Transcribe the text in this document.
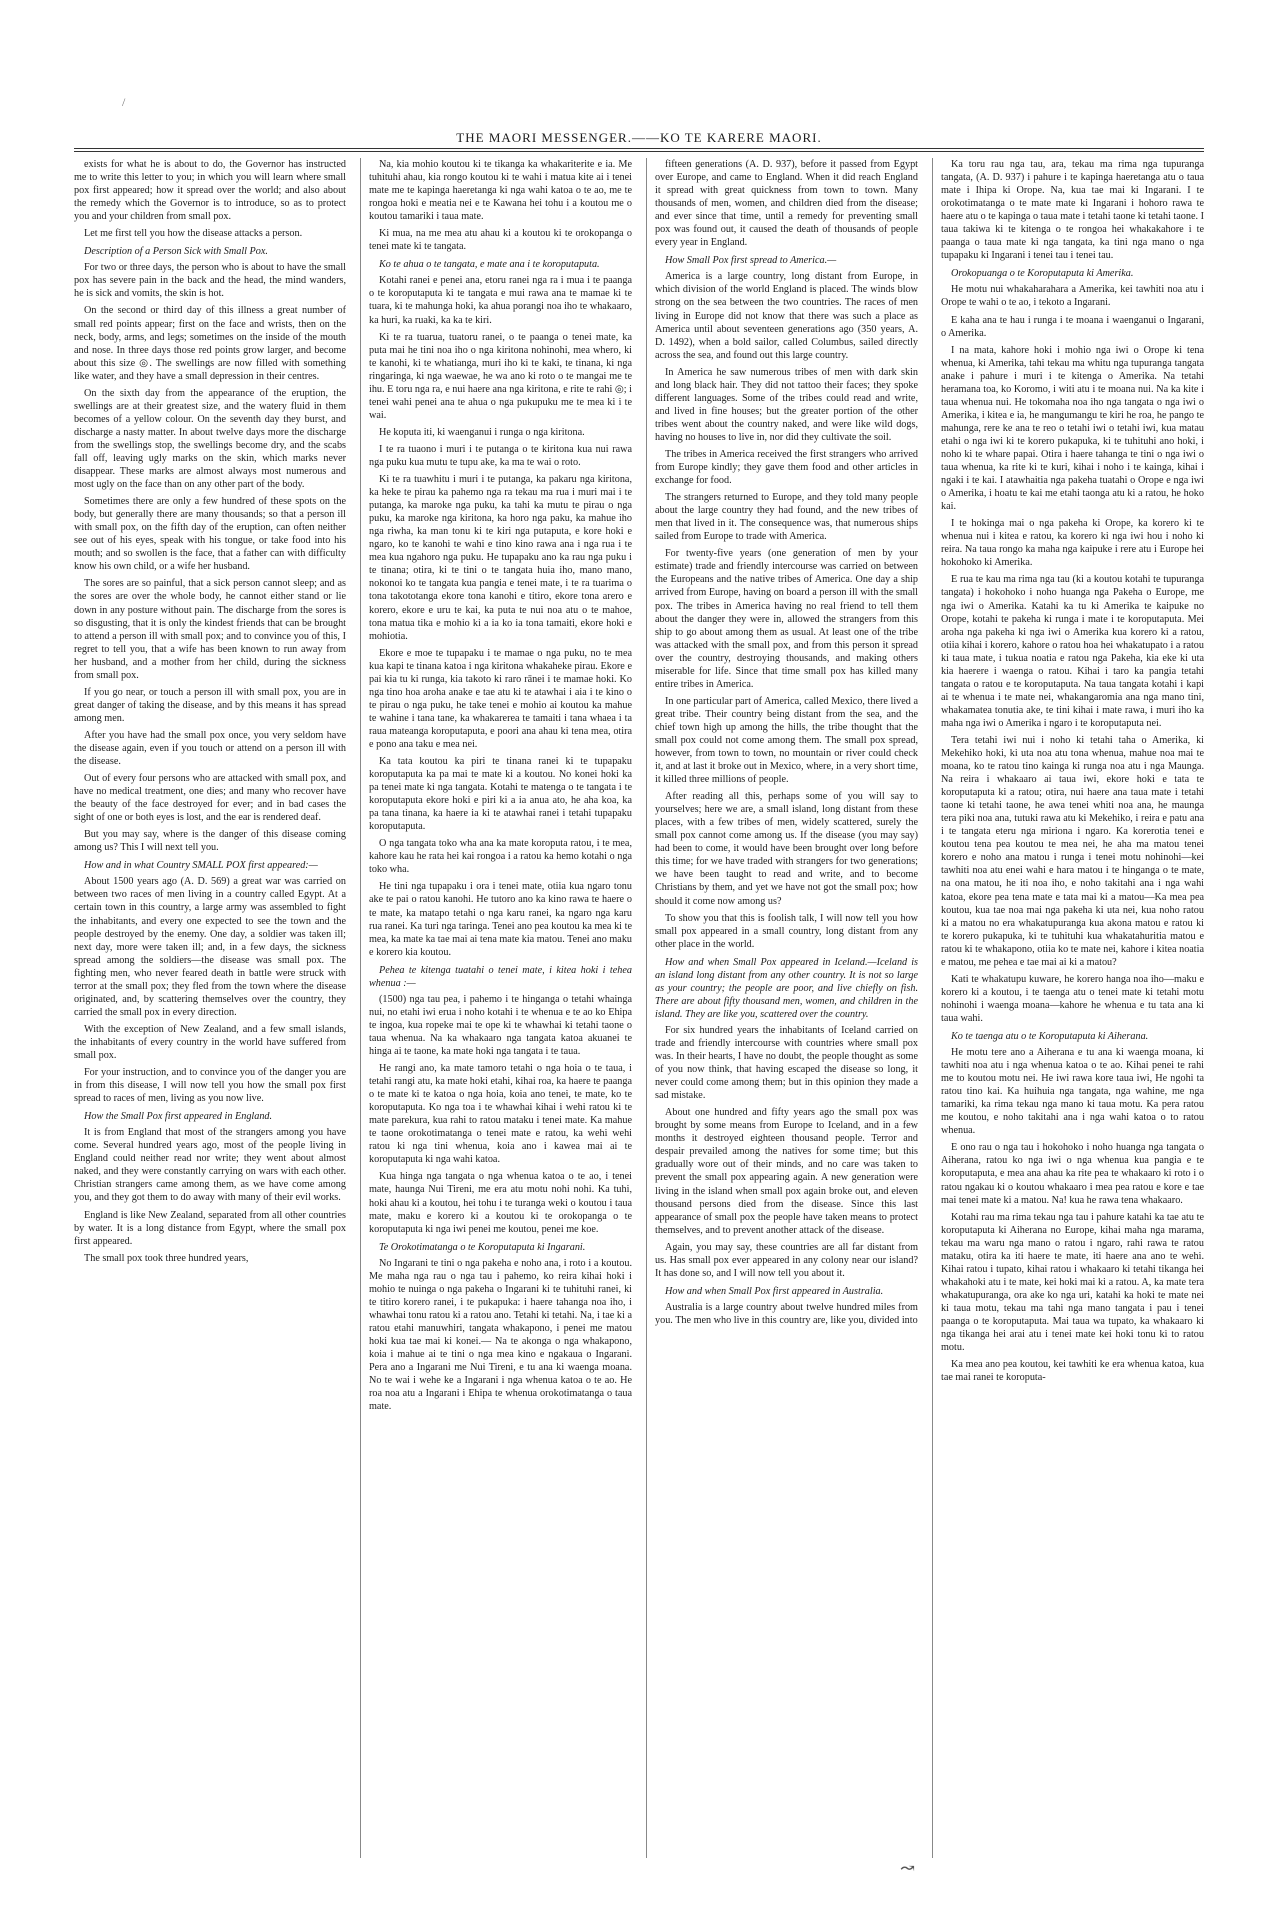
/
THE MAORI MESSENGER.——KO TE KARERE MAORI.

exists for what he is about to do, the Governor has instructed me to write this letter to you; in which you will learn where small pox first appeared; how it spread over the world; and also about the remedy which the Governor is to introduce, so as to protect you and your children from small pox.

Let me first tell you how the disease attacks a person.

Description of a Person Sick with Small Pox.

For two or three days, the person who is about to have the small pox has severe pain in the back and the head, the mind wanders, he is sick and vomits, the skin is hot.

On the second or third day of this illness a great number of small red points appear; first on the face and wrists, then on the neck, body, arms, and legs; sometimes on the inside of the mouth and nose. In three days those red points grow larger, and become about this size ◎. The swellings are now filled with something like water, and they have a small depression in their centres.

On the sixth day from the appearance of the eruption, the swellings are at their greatest size, and the watery fluid in them becomes of a yellow colour. On the seventh day they burst, and discharge a nasty matter. In about twelve days more the discharge from the swellings stop, the swellings become dry, and the scabs fall off, leaving ugly marks on the skin, which marks never disappear. These marks are almost always most numerous and most ugly on the face than on any other part of the body.

Sometimes there are only a few hundred of these spots on the body, but generally there are many thousands; so that a person ill with small pox, on the fifth day of the eruption, can often neither see out of his eyes, speak with his tongue, or take food into his mouth; and so swollen is the face, that a father can with difficulty know his own child, or a wife her husband.

The sores are so painful, that a sick person cannot sleep; and as the sores are over the whole body, he cannot either stand or lie down in any posture without pain. The discharge from the sores is so disgusting, that it is only the kindest friends that can be brought to attend a person ill with small pox; and to convince you of this, I regret to tell you, that a wife has been known to run away from her husband, and a mother from her child, during the sickness from small pox.

If you go near, or touch a person ill with small pox, you are in great danger of taking the disease, and by this means it has spread among men.

After you have had the small pox once, you very seldom have the disease again, even if you touch or attend on a person ill with the disease.

Out of every four persons who are attacked with small pox, and have no medical treatment, one dies; and many who recover have the beauty of the face destroyed for ever; and in bad cases the sight of one or both eyes is lost, and the ear is rendered deaf.

But you may say, where is the danger of this disease coming among us? This I will next tell you.

How and in what Country SMALL POX first appeared:—

About 1500 years ago (A. D. 569) a great war was carried on between two races of men living in a country called Egypt. At a certain town in this country, a large army was assembled to fight the inhabitants, and every one expected to see the town and the people destroyed by the enemy. One day, a soldier was taken ill; next day, more were taken ill; and, in a few days, the sickness spread among the soldiers—the disease was small pox. The fighting men, who never feared death in battle were struck with terror at the small pox; they fled from the town where the disease originated, and, by scattering themselves over the country, they carried the small pox in every direction.

With the exception of New Zealand, and a few small islands, the inhabitants of every country in the world have suffered from small pox.

For your instruction, and to convince you of the danger you are in from this disease, I will now tell you how the small pox first spread to races of men, living as you now live.

How the Small Pox first appeared in England.

It is from England that most of the strangers among you have come. Several hundred years ago, most of the people living in England could neither read nor write; they went about almost naked, and they were constantly carrying on wars with each other. Christian strangers came among them, as we have come among you, and they got them to do away with many of their evil works.

England is like New Zealand, separated from all other countries by water. It is a long distance from Egypt, where the small pox first appeared.

The small pox took three hundred years,

Na, kia mohio koutou ki te tikanga ka whakariterite e ia. Me tuhituhi ahau, kia rongo koutou ki te wahi i matua kite ai i tenei mate me te kapinga haeretanga ki nga wahi katoa o te ao, me te rongoa hoki e meatia nei e te Kawana hei tohu i a koutou me o koutou tamariki i taua mate.

Ki mua, na me mea atu ahau ki a koutou ki te orokopanga o tenei mate ki te tangata.

Ko te ahua o te tangata, e mate ana i te koroputaputa.

Kotahi ranei e penei ana, etoru ranei nga ra i mua i te paanga o te koroputaputa ki te tangata e mui rawa ana te mamae ki te tuara, ki te mahunga hoki, ka ahua porangi noa iho te whakaaro, ka huri, ka ruaki, ka ka te kiri.

Ki te ra tuarua, tuatoru ranei, o te paanga o tenei mate, ka puta mai he tini noa iho o nga kiritona nohinohi, mea whero, ki te kanohi, ki te whatianga, muri iho ki te kaki, te tinana, ki nga ringaringa, ki nga waewae, he wa ano ki roto o te mangai me te ihu. E toru nga ra, e nui haere ana nga kiritona, e rite te rahi ◎; i tenei wahi penei ana te ahua o nga pukupuku me te mea ki i te wai.

He koputa iti, ki waenganui i runga o nga kiritona.

I te ra tuaono i muri i te putanga o te kiritona kua nui rawa nga puku kua mutu te tupu ake, ka ma te wai o roto.

Ki te ra tuawhitu i muri i te putanga, ka pakaru nga kiritona, ka heke te pirau ka pahemo nga ra tekau ma rua i muri mai i te putanga, ka maroke nga puku, ka tahi ka mutu te pirau o nga puku, ka maroke nga kiritona, ka horo nga paku, ka mahue iho nga riwha, ka man tonu ki te kiri nga putaputa, e kore hoki e ngaro, ko te kanohi te wahi e tino kino rawa ana i nga rua i te mea kua ngahoro nga puku. He tupapaku ano ka rau nga puku i te tinana; otira, ki te tini o te tangata huia iho, mano mano, nokonoi ko te tangata kua pangia e tenei mate, i te ra tuarima o tona takototanga ekore tona kanohi e titiro, ekore tona arero e korero, ekore e uru te kai, ka puta te nui noa atu o te mahoe, tona matua tika e mohio ki a ia ko ia tona tamaiti, ekore hoki e mohiotia.

Ekore e moe te tupapaku i te mamae o nga puku, no te mea kua kapi te tinana katoa i nga kiritona whakaheke pirau. Ekore e pai kia tu ki runga, kia takoto ki raro rānei i te mamae hoki. Ko nga tino hoa aroha anake e tae atu ki te atawhai i aia i te kino o te pirau o nga puku, he take tenei e mohio ai koutou ka mahue te wahine i tana tane, ka whakarerea te tamaiti i tana whaea i ta raua mateanga koroputaputa, e poori ana ahau ki tena mea, otira e pono ana taku e mea nei.

Ka tata koutou ka piri te tinana ranei ki te tupapaku koroputaputa ka pa mai te mate ki a koutou. No konei hoki ka pa tenei mate ki nga tangata. Kotahi te matenga o te tangata i te koroputaputa ekore hoki e piri ki a ia anua ato, he aha koa, ka pa tana tinana, ka haere ia ki te atawhai ranei i tetahi tupapaku koroputaputa.

O nga tangata toko wha ana ka mate koroputa ratou, i te mea, kahore kau he rata hei kai rongoa i a ratou ka hemo kotahi o nga toko wha.

He tini nga tupapaku i ora i tenei mate, otiia kua ngaro tonu ake te pai o ratou kanohi. He tutoro ano ka kino rawa te haere o te mate, ka matapo tetahi o nga karu ranei, ka ngaro nga karu rua ranei. Ka turi nga taringa. Tenei ano pea koutou ka mea ki te mea, ka mate ka tae mai ai tena mate kia matou. Tenei ano maku e korero kia koutou.

Pehea te kitenga tuatahi o tenei mate, i kitea hoki i tehea whenua :—

(1500) nga tau pea, i pahemo i te hinganga o tetahi whainga nui, no etahi iwi erua i noho kotahi i te whenua e te ao ko Ehipa te ingoa, kua ropeke mai te ope ki te whawhai ki tetahi taone o taua whenua. Na ka whakaaro nga tangata katoa akuanei te hinga ai te taone, ka mate hoki nga tangata i te taua.

He rangi ano, ka mate tamoro tetahi o nga hoia o te taua, i tetahi rangi atu, ka mate hoki etahi, kihai roa, ka haere te paanga o te mate ki te katoa o nga hoia, koia ano tenei, te mate, ko te koroputaputa. Ko nga toa i te whawhai kihai i wehi ratou ki te mate parekura, kua rahi to ratou mataku i tenei mate. Ka mahue te taone orokotimatanga o tenei mate e ratou, ka wehi wehi ratou ki nga tini whenua, koia ano i kawea mai ai te koroputaputa ki nga wahi katoa.

Kua hinga nga tangata o nga whenua katoa o te ao, i tenei mate, haunga Nui Tireni, me era atu motu nohi nohi. Ka tuhi, hoki ahau ki a koutou, hei tohu i te turanga weki o koutou i taua mate, maku e korero ki a koutou ki te orokopanga o te koroputaputa ki nga iwi penei me koutou, penei me koe.

Te Orokotimatanga o te Koroputaputa ki Ingarani.

No Ingarani te tini o nga pakeha e noho ana, i roto i a koutou. Me maha nga rau o nga tau i pahemo, ko reira kihai hoki i mohio te nuinga o nga pakeha o Ingarani ki te tuhituhi ranei, ki te titiro korero ranei, i te pukapuka: i haere tahanga noa iho, i whawhai tonu ratou ki a ratou ano. Tetahi ki tetahi. Na, i tae ki a ratou etahi manuwhiri, tangata whakapono, i penei me matou hoki kua tae mai ki konei.— Na te akonga o nga whakapono, koia i mahue ai te tini o nga mea kino e ngakaua o Ingarani. Pera ano a Ingarani me Nui Tireni, e tu ana ki waenga moana. No te wai i wehe ke a Ingarani i nga whenua katoa o te ao. He roa noa atu a Ingarani i Ehipa te whenua orokotimatanga o taua mate.

fifteen generations (A. D. 937), before it passed from Egypt over Europe, and came to England. When it did reach England it spread with great quickness from town to town. Many thousands of men, women, and children died from the disease; and ever since that time, until a remedy for preventing small pox was found out, it caused the death of thousands of people every year in England.

How Small Pox first spread to America.—

America is a large country, long distant from Europe, in which division of the world England is placed. The winds blow strong on the sea between the two countries. The races of men living in Europe did not know that there was such a place as America until about seventeen generations ago (350 years, A. D. 1492), when a bold sailor, called Columbus, sailed directly across the sea, and found out this large country.

In America he saw numerous tribes of men with dark skin and long black hair. They did not tattoo their faces; they spoke different languages. Some of the tribes could read and write, and lived in fine houses; but the greater portion of the other tribes went about the country naked, and were like wild dogs, having no houses to live in, nor did they cultivate the soil.

The tribes in America received the first strangers who arrived from Europe kindly; they gave them food and other articles in exchange for food.

The strangers returned to Europe, and they told many people about the large country they had found, and the new tribes of men that lived in it. The consequence was, that numerous ships sailed from Europe to trade with America.

For twenty-five years (one generation of men by your estimate) trade and friendly intercourse was carried on between the Europeans and the native tribes of America. One day a ship arrived from Europe, having on board a person ill with the small pox. The tribes in America having no real friend to tell them about the danger they were in, allowed the strangers from this ship to go about among them as usual. At least one of the tribe was attacked with the small pox, and from this person it spread over the country, destroying thousands, and making others miserable for life. Since that time small pox has killed many entire tribes in America.

In one particular part of America, called Mexico, there lived a great tribe. Their country being distant from the sea, and the chief town high up among the hills, the tribe thought that the small pox could not come among them. The small pox spread, however, from town to town, no mountain or river could check it, and at last it broke out in Mexico, where, in a very short time, it killed three millions of people.

After reading all this, perhaps some of you will say to yourselves; here we are, a small island, long distant from these places, with a few tribes of men, widely scattered, surely the small pox cannot come among us. If the disease (you may say) had been to come, it would have been brought over long before this time; for we have traded with strangers for two generations; we have been taught to read and write, and to become Christians by them, and yet we have not got the small pox; how should it come now among us?

To show you that this is foolish talk, I will now tell you how small pox appeared in a small country, long distant from any other place in the world.

How and when Small Pox appeared in Iceland.—Iceland is an island long distant from any other country. It is not so large as your country; the people are poor, and live chiefly on fish. There are about fifty thousand men, women, and children in the island. They are like you, scattered over the country.

For six hundred years the inhabitants of Iceland carried on trade and friendly intercourse with countries where small pox was. In their hearts, I have no doubt, the people thought as some of you now think, that having escaped the disease so long, it never could come among them; but in this opinion they made a sad mistake.

About one hundred and fifty years ago the small pox was brought by some means from Europe to Iceland, and in a few months it destroyed eighteen thousand people. Terror and despair prevailed among the natives for some time; but this gradually wore out of their minds, and no care was taken to prevent the small pox appearing again. A new generation were living in the island when small pox again broke out, and eleven thousand persons died from the disease. Since this last appearance of small pox the people have taken means to protect themselves, and to prevent another attack of the disease.

Again, you may say, these countries are all far distant from us. Has small pox ever appeared in any colony near our island? It has done so, and I will now tell you about it.

How and when Small Pox first appeared in Australia.

Australia is a large country about twelve hundred miles from you. The men who live in this country are, like you, divided into

Ka toru rau nga tau, ara, tekau ma rima nga tupuranga tangata, (A. D. 937) i pahure i te kapinga haeretanga atu o taua mate i Ihipa ki Orope. Na, kua tae mai ki Ingarani. I te orokotimatanga o te mate mate ki Ingarani i hohoro rawa te haere atu o te kapinga o taua mate i tetahi taone ki tetahi taone. I taua takiwa ki te kitenga o te rongoa hei whakakahore i te paanga o taua mate ki nga tangata, ka tini nga mano o nga tupapaku ki Ingarani i tenei tau i tenei tau.

Orokopuanga o te Koroputaputa ki Amerika.

He motu nui whakaharahara a Amerika, kei tawhiti noa atu i Orope te wahi o te ao, i tekoto a Ingarani.

E kaha ana te hau i runga i te moana i waenganui o Ingarani, o Amerika.

I na mata, kahore hoki i mohio nga iwi o Orope ki tena whenua, ki Amerika, tahi tekau ma whitu nga tupuranga tangata anake i pahure i muri i te kitenga o Amerika. Na tetahi heramana toa, ko Koromo, i witi atu i te moana nui. Na ka kite i taua whenua nui. He tokomaha noa iho nga tangata o nga iwi o Amerika, i kitea e ia, he mangumangu te kiri he roa, he pango te mahunga, rere ke ana te reo o tetahi iwi o tetahi iwi, kua matau etahi o nga iwi ki te korero pukapuka, ki te tuhituhi ano hoki, i noho ki te whare papai. Otira i haere tahanga te tini o nga iwi o taua whenua, ka rite ki te kuri, kihai i noho i te kainga, kihai i ngaki i te kai. I atawhaitia nga pakeha tuatahi o Orope e nga iwi o Amerika, i hoatu te kai me etahi taonga atu ki a ratou, he hoko kai.

I te hokinga mai o nga pakeha ki Orope, ka korero ki te whenua nui i kitea e ratou, ka korero ki nga iwi hou i noho ki reira. Na taua rongo ka maha nga kaipuke i rere atu i Europe hei hokohoko ki Amerika.

E rua te kau ma rima nga tau (ki a koutou kotahi te tupuranga tangata) i hokohoko i noho huanga nga Pakeha o Europe, me nga iwi o Amerika. Katahi ka tu ki Amerika te kaipuke no Orope, kotahi te pakeha ki runga i mate i te koroputaputa. Mei aroha nga pakeha ki nga iwi o Amerika kua korero ki a ratou, otiia kihai i korero, kahore o ratou hoa hei whakatupato i a ratou ki taua mate, i tukua noatia e ratou nga Pakeha, kia eke ki uta kia haerere i waenga o ratou. Kihai i taro ka pangia tetahi tangata o ratou e te koroputaputa. Na taua tangata kotahi i kapi ai te whenua i te mate nei, whakangaromia ana nga mano tini, whakamatea tonutia ake, te tini kihai i mate rawa, i muri iho ka maha nga iwi o Amerika i ngaro i te koroputaputa nei.

Tera tetahi iwi nui i noho ki tetahi taha o Amerika, ki Mekehiko hoki, ki uta noa atu tona whenua, mahue noa mai te moana, ko te ratou tino kainga ki runga noa atu i nga Maunga. Na reira i whakaaro ai taua iwi, ekore hoki e tata te koroputaputa ki a ratou; otira, nui haere ana taua mate i tetahi taone ki tetahi taone, he awa tenei whiti noa ana, he maunga tera piki noa ana, tutuki rawa atu ki Mekehiko, i reira e patu ana i te tangata eteru nga miriona i ngaro. Ka korerotia tenei e koutou tena pea koutou te mea nei, he aha ma matou tenei korero e noho ana matou i runga i tenei motu nohinohi—kei tawhiti noa atu enei wahi e hara matou i te hinganga o te mate, na ona matou, he iti noa iho, e noho takitahi ana i nga wahi katoa, ekore pea tena mate e tata mai ki a matou—Ka mea pea koutou, kua tae noa mai nga pakeha ki uta nei, kua noho ratou ki a matou no era whakatupuranga kua akona matou e ratou ki te korero pukapuka, ki te tuhituhi kua whakatahuritia matou e ratou ki te whakapono, otiia ko te mate nei, kahore i kitea noatia e matou, me pehea e tae mai ai ki a matou?

Kati te whakatupu kuware, he korero hanga noa iho—maku e korero ki a koutou, i te taenga atu o tenei mate ki tetahi motu nohinohi i waenga moana—kahore he whenua e tu tata ana ki taua wahi.

Ko te taenga atu o te Koroputaputa ki Aiherana.

He motu tere ano a Aiherana e tu ana ki waenga moana, ki tawhiti noa atu i nga whenua katoa o te ao. Kihai penei te rahi me to koutou motu nei. He iwi rawa kore taua iwi, He ngohi ta ratou tino kai. Ka huihuia nga tangata, nga wahine, me nga tamariki, ka rima tekau nga mano ki taua motu. Ka pera ratou me koutou, e noho takitahi ana i nga wahi katoa o to ratou whenua.

E ono rau o nga tau i hokohoko i noho huanga nga tangata o Aiherana, ratou ko nga iwi o nga whenua kua pangia e te koroputaputa, e mea ana ahau ka rite pea te whakaaro ki roto i o ratou ngakau ki o koutou whakaaro i mea pea ratou e kore e tae mai tenei mate ki a matou. Na! kua he rawa tena whakaaro.

Kotahi rau ma rima tekau nga tau i pahure katahi ka tae atu te koroputaputa ki Aiherana no Europe, kihai maha nga marama, tekau ma waru nga mano o ratou i ngaro, rahi rawa te ratou mataku, otira ka iti haere te mate, iti haere ana ano te wehi. Kihai ratou i tupato, kihai ratou i whakaaro ki tetahi tikanga hei whakahoki atu i te mate, kei hoki mai ki a ratou. A, ka mate tera whakatupuranga, ora ake ko nga uri, katahi ka hoki te mate nei ki taua motu, tekau ma tahi nga mano tangata i pau i tenei paanga o te koroputaputa. Mai taua wa tupato, ka whakaaro ki nga tikanga hei arai atu i tenei mate kei hoki tonu ki to ratou motu.

Ka mea ano pea koutou, kei tawhiti ke era whenua katoa, kua tae mai ranei te koroputa-

↝
